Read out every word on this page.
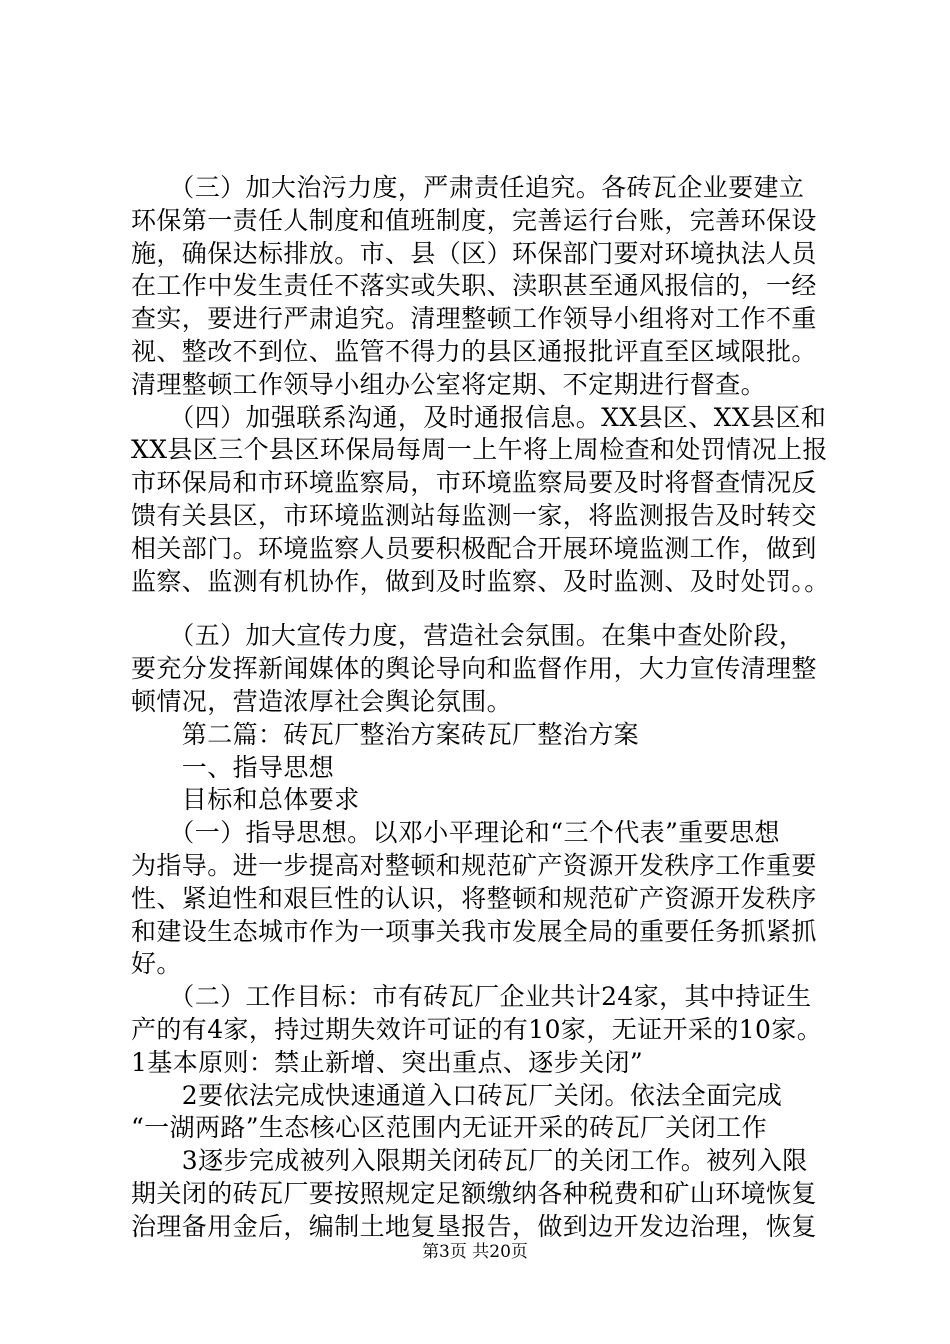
　　（三）加大治污力度，严肃责任追究。各砖瓦企业要建立
环保第一责任人制度和值班制度，完善运行台账，完善环保设
施，确保达标排放。市、县（区）环保部门要对环境执法人员
在工作中发生责任不落实或失职、渎职甚至通风报信的，一经
查实，要进行严肃追究。清理整顿工作领导小组将对工作不重
视、整改不到位、监管不得力的县区通报批评直至区域限批。
清理整顿工作领导小组办公室将定期、不定期进行督查。
　　（四）加强联系沟通，及时通报信息。XX县区、XX县区和
XX县区三个县区环保局每周一上午将上周检查和处罚情况上报
市环保局和市环境监察局，市环境监察局要及时将督查情况反
馈有关县区，市环境监测站每监测一家，将监测报告及时转交
相关部门。环境监察人员要积极配合开展环境监测工作，做到
监察、监测有机协作，做到及时监察、及时监测、及时处罚。。
　　（五）加大宣传力度，营造社会氛围。在集中查处阶段，
要充分发挥新闻媒体的舆论导向和监督作用，大力宣传清理整
顿情况，营造浓厚社会舆论氛围。
　　第二篇：砖瓦厂整治方案砖瓦厂整治方案
　　一、指导思想
　　目标和总体要求
　　（一）指导思想。以邓小平理论和“三个代表”重要思想
为指导。进一步提高对整顿和规范矿产资源开发秩序工作重要
性、紧迫性和艰巨性的认识，将整顿和规范矿产资源开发秩序
和建设生态城市作为一项事关我市发展全局的重要任务抓紧抓
好。
　　（二）工作目标：市有砖瓦厂企业共计24家，其中持证生
产的有4家，持过期失效许可证的有10家，无证开采的10家。
1基本原则：禁止新增、突出重点、逐步关闭”
　　2要依法完成快速通道入口砖瓦厂关闭。依法全面完成
“一湖两路”生态核心区范围内无证开采的砖瓦厂关闭工作
　　3逐步完成被列入限期关闭砖瓦厂的关闭工作。被列入限
期关闭的砖瓦厂要按照规定足额缴纳各种税费和矿山环境恢复
治理备用金后，编制土地复垦报告，做到边开发边治理，恢复
第3页 共20页
